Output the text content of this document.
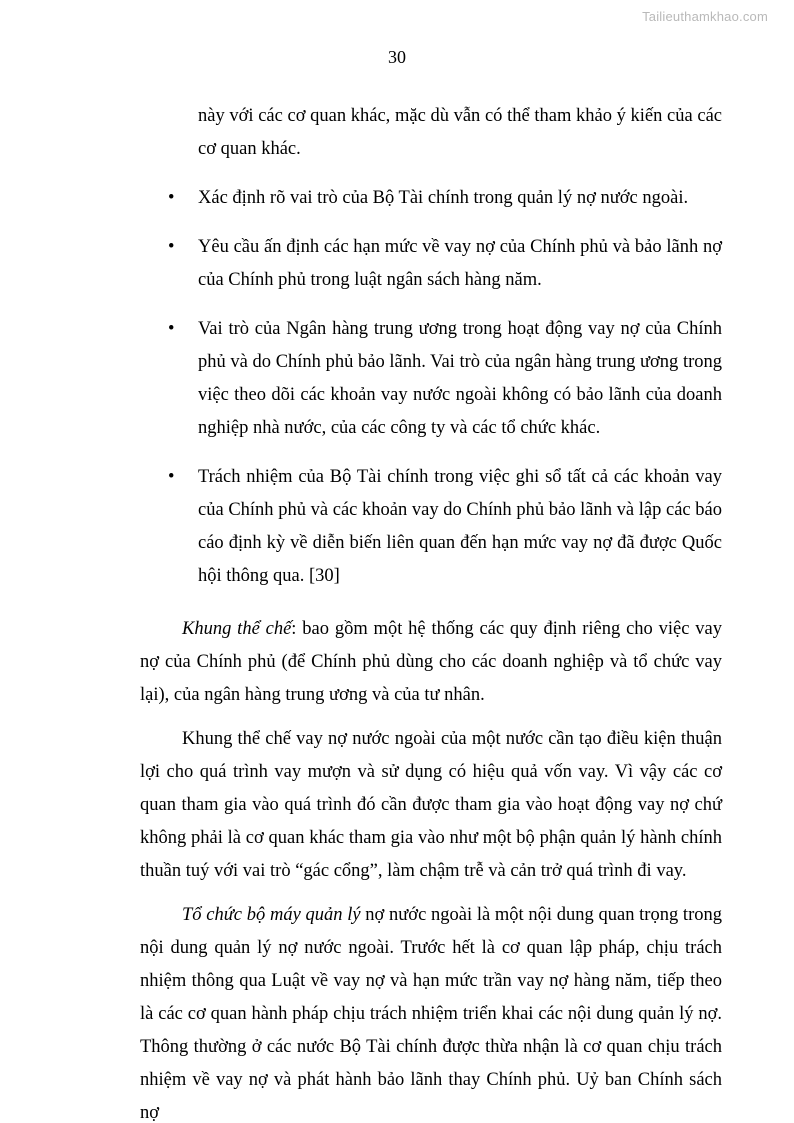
Tailieuthamkhao.com
30

này với các cơ quan khác, mặc dù vẫn có thể tham khảo ý kiến của các cơ quan khác.

• Xác định rõ vai trò của Bộ Tài chính trong quản lý nợ nước ngoài.
• Yêu cầu ấn định các hạn mức về vay nợ của Chính phủ và bảo lãnh nợ của Chính phủ trong luật ngân sách hàng năm.
• Vai trò của Ngân hàng trung ương trong hoạt động vay nợ của Chính phủ và do Chính phủ bảo lãnh. Vai trò của ngân hàng trung ương trong việc theo dõi các khoản vay nước ngoài không có bảo lãnh của doanh nghiệp nhà nước, của các công ty và các tổ chức khác.
• Trách nhiệm của Bộ Tài chính trong việc ghi sổ tất cả các khoản vay của Chính phủ và các khoản vay do Chính phủ bảo lãnh và lập các báo cáo định kỳ về diễn biến liên quan đến hạn mức vay nợ đã được Quốc hội thông qua. [30]

Khung thể chế: bao gồm một hệ thống các quy định riêng cho việc vay nợ của Chính phủ (để Chính phủ dùng cho các doanh nghiệp và tổ chức vay lại), của ngân hàng trung ương và của tư nhân.

Khung thể chế vay nợ nước ngoài của một nước cần tạo điều kiện thuận lợi cho quá trình vay mượn và sử dụng có hiệu quả vốn vay. Vì vậy các cơ quan tham gia vào quá trình đó cần được tham gia vào hoạt động vay nợ chứ không phải là cơ quan khác tham gia vào như một bộ phận quản lý hành chính thuần tuý với vai trò “gác cổng”, làm chậm trễ và cản trở quá trình đi vay.

Tổ chức bộ máy quản lý nợ nước ngoài là một nội dung quan trọng trong nội dung quản lý nợ nước ngoài. Trước hết là cơ quan lập pháp, chịu trách nhiệm thông qua Luật về vay nợ và hạn mức trần vay nợ hàng năm, tiếp theo là các cơ quan hành pháp chịu trách nhiệm triển khai các nội dung quản lý nợ. Thông thường ở các nước Bộ Tài chính được thừa nhận là cơ quan chịu trách nhiệm về vay nợ và phát hành bảo lãnh thay Chính phủ. Uỷ ban Chính sách nợ
